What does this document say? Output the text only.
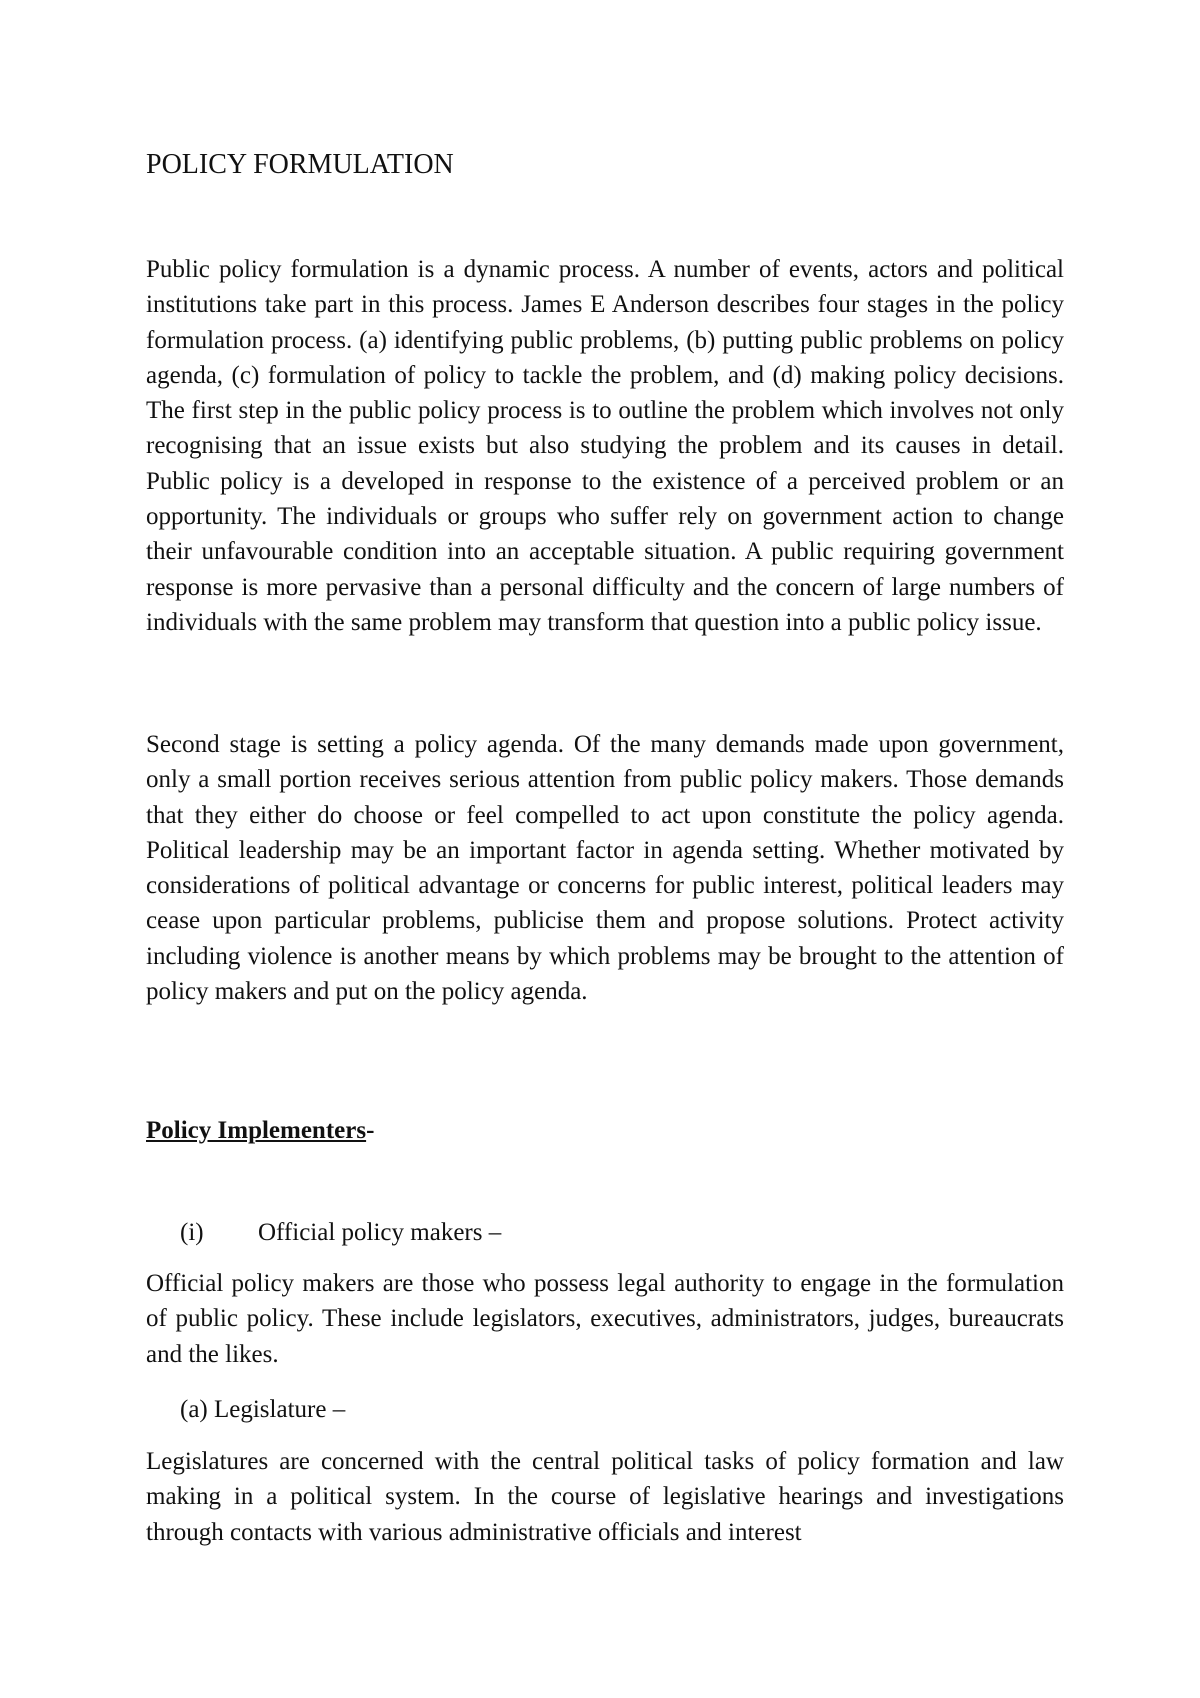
POLICY FORMULATION

Public policy formulation is a dynamic process. A number of events, actors and political institutions take part in this process. James E Anderson describes four stages in the policy formulation process. (a) identifying public problems, (b) putting public problems on policy agenda, (c) formulation of policy to tackle the problem, and (d) making policy decisions. The first step in the public policy process is to outline the problem which involves not only recognising that an issue exists but also studying the problem and its causes in detail. Public policy is a developed in response to the existence of a perceived problem or an opportunity. The individuals or groups who suffer rely on government action to change their unfavourable condition into an acceptable situation. A public requiring government response is more pervasive than a personal difficulty and the concern of large numbers of individuals with the same problem may transform that question into a public policy issue.

Second stage is setting a policy agenda. Of the many demands made upon government, only a small portion receives serious attention from public policy makers. Those demands that they either do choose or feel compelled to act upon constitute the policy agenda. Political leadership may be an important factor in agenda setting. Whether motivated by considerations of political advantage or concerns for public interest, political leaders may cease upon particular problems, publicise them and propose solutions. Protect activity including violence is another means by which problems may be brought to the attention of policy makers and put on the policy agenda.

Policy Implementers-

(i) Official policy makers –

Official policy makers are those who possess legal authority to engage in the formulation of public policy. These include legislators, executives, administrators, judges, bureaucrats and the likes.

(a) Legislature –

Legislatures are concerned with the central political tasks of policy formation and law making in a political system. In the course of legislative hearings and investigations through contacts with various administrative officials and interest
